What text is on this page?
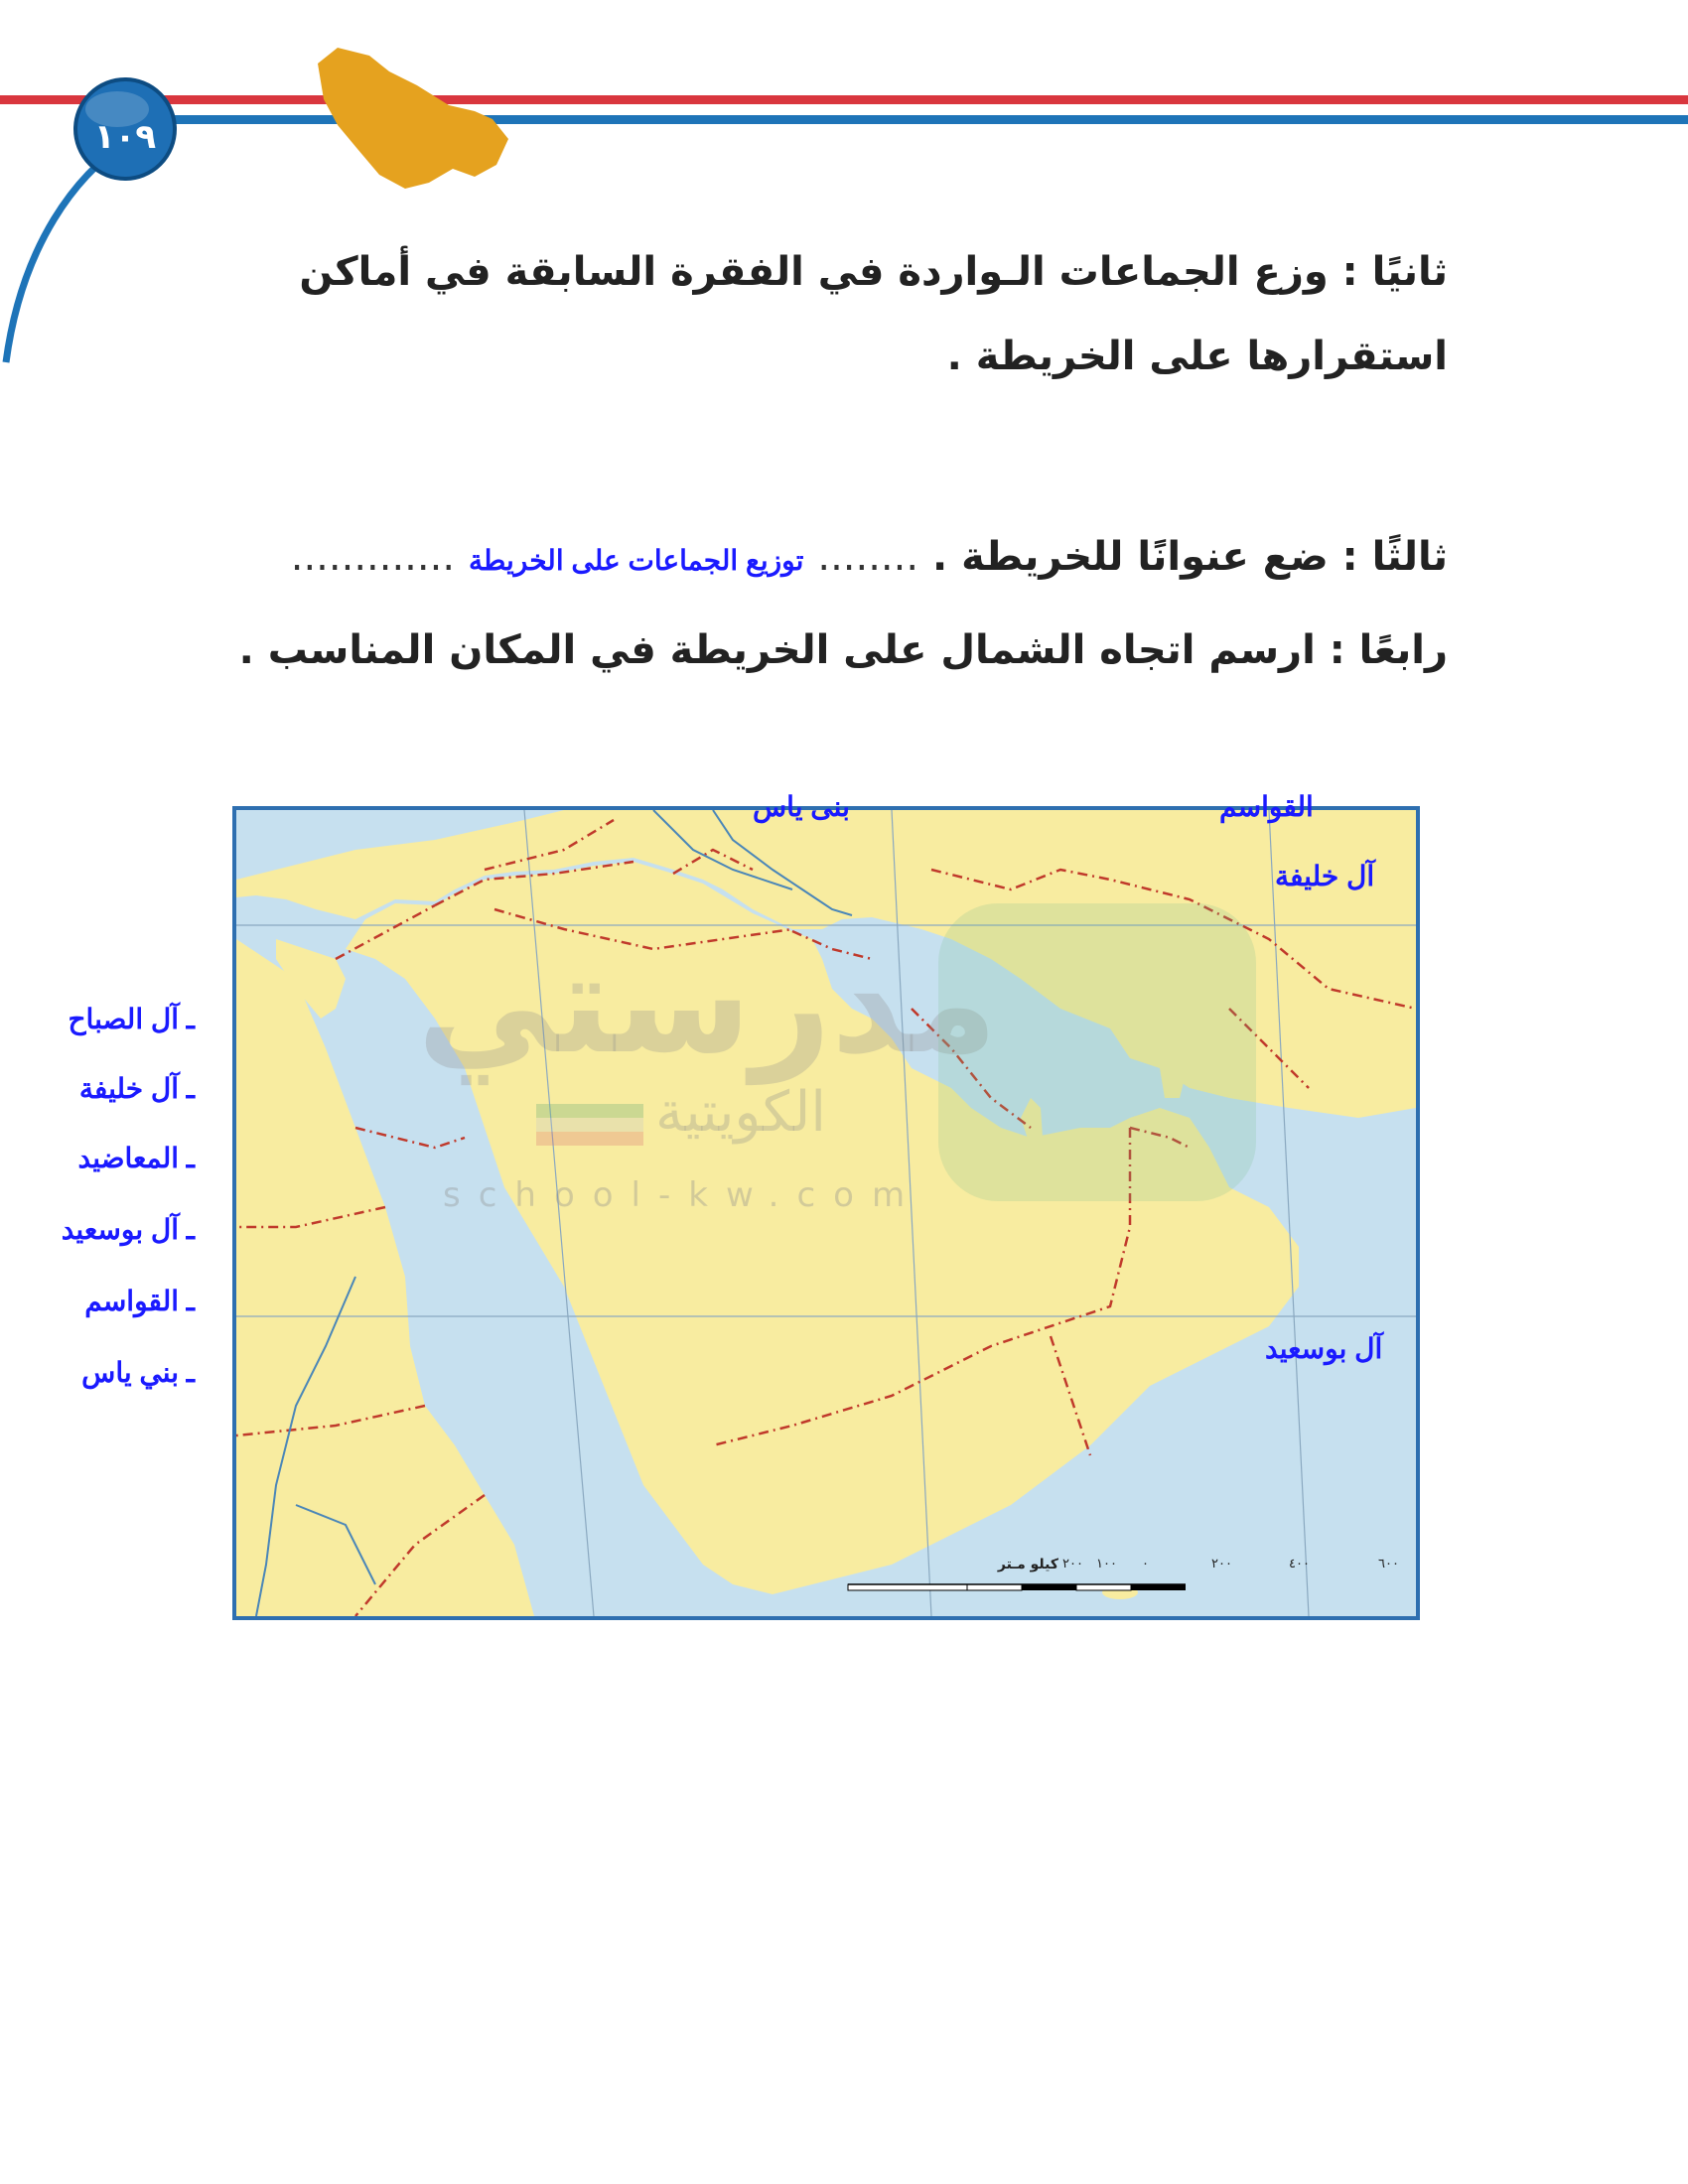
١٠٩
ثانيًا : وزع الجماعات الـواردة في الفقرة السابقة في أماكن استقرارها على الخريطة .
ثالثًا : ضع عنوانًا للخريطة . ........ توزيع الجماعات على الخريطة .............
رابعًا : ارسم اتجاه الشمال على الخريطة في المكان المناسب .
كيلو مـتر ٢٠٠ ١٠٠ ٠	٢٠٠	٤٠٠	٦٠٠
مدرستي
الكويتية
school-kw.com
بنى ياس	القواسم
آل خليفة
آل بوسعيد
ـ آل الصباح
ـ آل خليفة
ـ المعاضيد
ـ آل بوسعيد
ـ القواسم
ـ بني ياس
